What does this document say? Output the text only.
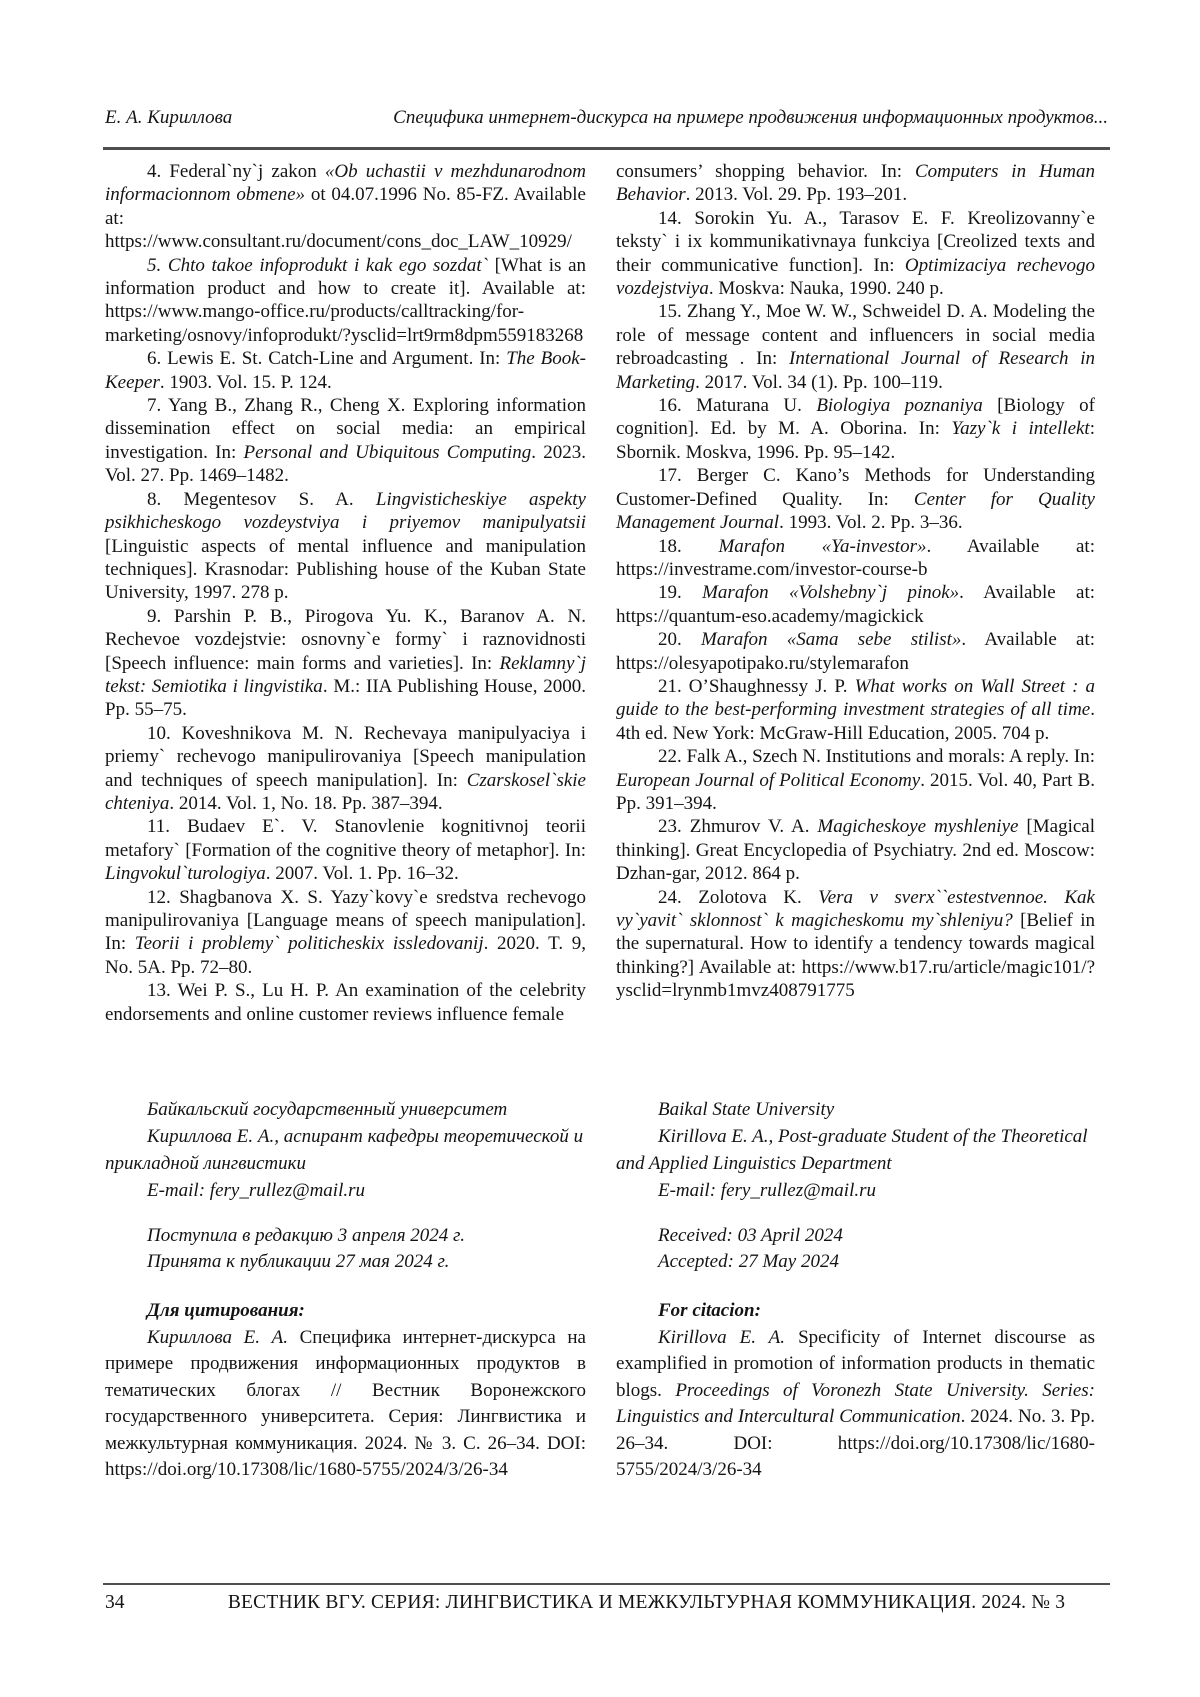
Е. А. Кириллова	Специфика интернет-дискурса на примере продвижения информационных продуктов...

4. Federal`ny`j zakon «Ob uchastii v mezhdunarodnom informacionnom obmene» ot 04.07.1996 No. 85-FZ. Available at: https://www.consultant.ru/document/cons_doc_LAW_10929/

5. Chto takoe infoprodukt i kak ego sozdat` [What is an information product and how to create it]. Available at: https://www.mango-office.ru/products/calltracking/for-marketing/osnovy/infoprodukt/?ysclid=lrt9rm8dpm559183268

6. Lewis E. St. Catch-Line and Argument. In: The Book-Keeper. 1903. Vol. 15. P. 124.

7. Yang B., Zhang R., Cheng X. Exploring information dissemination effect on social media: an empirical investigation. In: Personal and Ubiquitous Computing. 2023. Vol. 27. Pp. 1469–1482.

8. Megentesov S. A. Lingvisticheskiye aspekty psikhicheskogo vozdeystviya i priyemov manipulyatsii [Linguistic aspects of mental influence and manipulation techniques]. Krasnodar: Publishing house of the Kuban State University, 1997. 278 p.

9. Parshin P. B., Pirogova Yu. K., Baranov A. N. Rechevoe vozdejstvie: osnovny`e formy` i raznovidnosti [Speech influence: main forms and varieties]. In: Reklamny`j tekst: Semiotika i lingvistika. M.: IIA Publishing House, 2000. Pp. 55–75.

10. Koveshnikova M. N. Rechevaya manipulyaciya i priemy` rechevogo manipulirovaniya [Speech manipulation and techniques of speech manipulation]. In: Czarskosel`skie chteniya. 2014. Vol. 1, No. 18. Pp. 387–394.

11. Budaev E`. V. Stanovlenie kognitivnoj teorii metafory` [Formation of the cognitive theory of metaphor]. In: Lingvokul`turologiya. 2007. Vol. 1. Pp. 16–32.

12. Shagbanova X. S. Yazy`kovy`e sredstva rechevogo manipulirovaniya [Language means of speech manipulation]. In: Teorii i problemy` politicheskix issledovanij. 2020. T. 9, No. 5A. Pp. 72–80.

13. Wei P. S., Lu H. P. An examination of the celebrity endorsements and online customer reviews influence female

consumers’ shopping behavior. In: Computers in Human Behavior. 2013. Vol. 29. Pp. 193–201.

14. Sorokin Yu. A., Tarasov E. F. Kreolizovanny`e teksty` i ix kommunikativnaya funkciya [Creolized texts and their communicative function]. In: Optimizaciya rechevogo vozdejstviya. Moskva: Nauka, 1990. 240 p.

15. Zhang Y., Moe W. W., Schweidel D. A. Modeling the role of message content and influencers in social media rebroadcasting . In: International Journal of Research in Marketing. 2017. Vol. 34 (1). Pp. 100–119.

16. Maturana U. Biologiya poznaniya [Biology of cognition]. Ed. by M. A. Oborina. In: Yazy`k i intellekt: Sbornik. Moskva, 1996. Pp. 95–142.

17. Berger C. Kano’s Methods for Understanding Customer-Defined Quality. In: Center for Quality Management Journal. 1993. Vol. 2. Pp. 3–36.

18. Marafon «Ya-investor». Available at: https://investrame.com/investor-course-b

19. Marafon «Volshebny`j pinok». Available at: https://quantum-eso.academy/magickick

20. Marafon «Sama sebe stilist». Available at: https://olesyapotipako.ru/stylemarafon

21. O’Shaughnessy J. P. What works on Wall Street : a guide to the best-performing investment strategies of all time. 4th ed. New York: McGraw-Hill Education, 2005. 704 p.

22. Falk A., Szech N. Institutions and morals: A reply. In: European Journal of Political Economy. 2015. Vol. 40, Part B. Pp. 391–394.

23. Zhmurov V. A. Magicheskoye myshleniye [Magical thinking]. Great Encyclopedia of Psychiatry. 2nd ed. Moscow: Dzhan-gar, 2012. 864 p.

24. Zolotova K. Vera v sverx``estestvennoe. Kak vy`yavit` sklonnost` k magicheskomu my`shleniyu? [Belief in the supernatural. How to identify a tendency towards magical thinking?] Available at: https://www.b17.ru/article/magic101/?ysclid=lrynmb1mvz408791775

Байкальский государственный университет

Кириллова Е. А., аспирант кафедры теоретической и прикладной лингвистики

E-mail: fery_rullez@mail.ru

Поступила в редакцию 3 апреля 2024 г.

Принята к публикации 27 мая 2024 г.

Для цитирования:

Кириллова Е. А. Специфика интернет-дискурса на примере продвижения информационных продуктов в тематических блогах // Вестник Воронежского государственного университета. Серия: Лингвистика и межкультурная коммуникация. 2024. № 3. С. 26–34. DOI: https://doi.org/10.17308/lic/1680-5755/2024/3/26-34

Baikal State University

Kirillova E. A., Post-graduate Student of the Theoretical and Applied Linguistics Department

E-mail: fery_rullez@mail.ru

Received: 03 April 2024

Accepted: 27 May 2024

For citacion:

Kirillova E. A. Specificity of Internet discourse as examplified in promotion of information products in thematic blogs. Proceedings of Voronezh State University. Series: Linguistics and Intercultural Communication. 2024. No. 3. Pp. 26–34. DOI: https://doi.org/10.17308/lic/1680-5755/2024/3/26-34

34	ВЕСТНИК ВГУ. СЕРИЯ: ЛИНГВИСТИКА И МЕЖКУЛЬТУРНАЯ КОММУНИКАЦИЯ. 2024. № 3
